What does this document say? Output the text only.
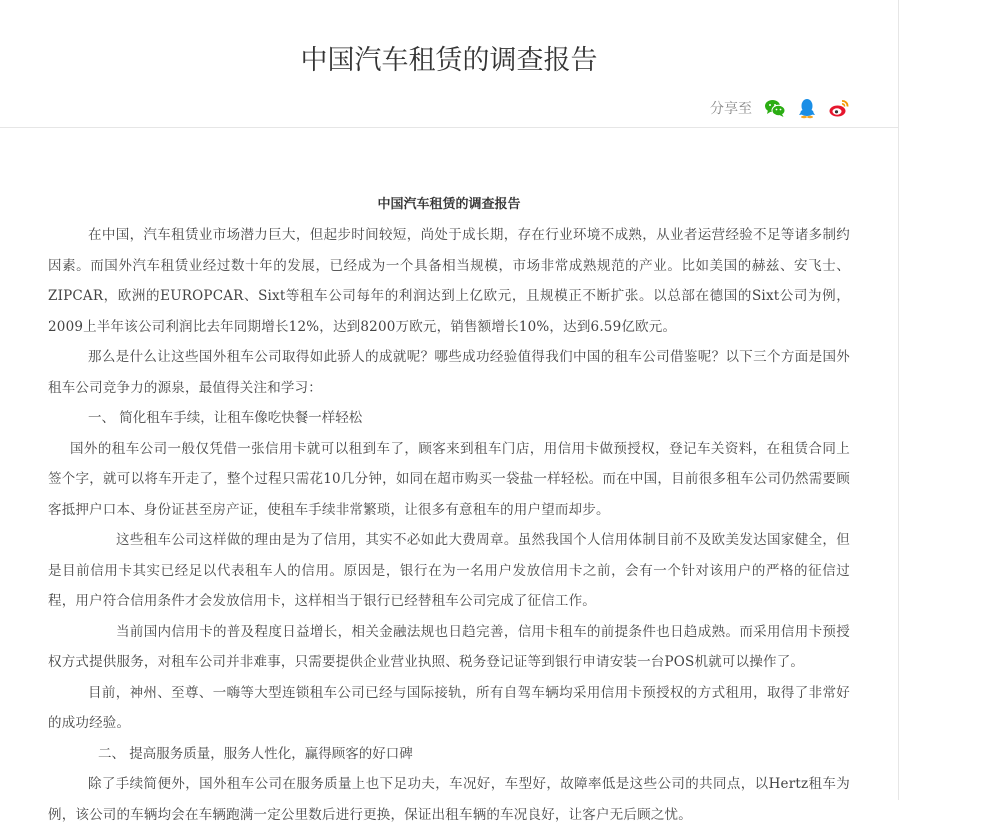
中国汽车租赁的调查报告
分享至
中国汽车租赁的调查报告

在中国，汽车租赁业市场潜力巨大，但起步时间较短，尚处于成长期，存在行业环境不成熟，从业者运营经验不足等诸多制约因素。而国外汽车租赁业经过数十年的发展，已经成为一个具备相当规模，市场非常成熟规范的产业。比如美国的赫兹、安飞士、ZIPCAR，欧洲的EUROPCAR、Sixt等租车公司每年的利润达到上亿欧元，且规模正不断扩张。以总部在德国的Sixt公司为例，2009上半年该公司利润比去年同期增长12%，达到8200万欧元，销售额增长10%，达到6.59亿欧元。

那么是什么让这些国外租车公司取得如此骄人的成就呢？哪些成功经验值得我们中国的租车公司借鉴呢？以下三个方面是国外租车公司竞争力的源泉，最值得关注和学习：

一、 简化租车手续，让租车像吃快餐一样轻松

国外的租车公司一般仅凭借一张信用卡就可以租到车了，顾客来到租车门店，用信用卡做预授权，登记车关资料，在租赁合同上签个字，就可以将车开走了，整个过程只需花10几分钟，如同在超市购买一袋盐一样轻松。而在中国，目前很多租车公司仍然需要顾客抵押户口本、身份证甚至房产证，使租车手续非常繁琐，让很多有意租车的用户望而却步。

这些租车公司这样做的理由是为了信用，其实不必如此大费周章。虽然我国个人信用体制目前不及欧美发达国家健全，但是目前信用卡其实已经足以代表租车人的信用。原因是，银行在为一名用户发放信用卡之前，会有一个针对该用户的严格的征信过程，用户符合信用条件才会发放信用卡，这样相当于银行已经替租车公司完成了征信工作。

当前国内信用卡的普及程度日益增长，相关金融法规也日趋完善，信用卡租车的前提条件也日趋成熟。而采用信用卡预授权方式提供服务，对租车公司并非难事，只需要提供企业营业执照、税务登记证等到银行申请安装一台POS机就可以操作了。

目前，神州、至尊、一嗨等大型连锁租车公司已经与国际接轨，所有自驾车辆均采用信用卡预授权的方式租用，取得了非常好的成功经验。

二、 提高服务质量，服务人性化，赢得顾客的好口碑

除了手续简便外，国外租车公司在服务质量上也下足功夫，车况好，车型好，故障率低是这些公司的共同点，以Hertz租车为例，该公司的车辆均会在车辆跑满一定公里数后进行更换，保证出租车辆的车况良好，让客户无后顾之忧。
